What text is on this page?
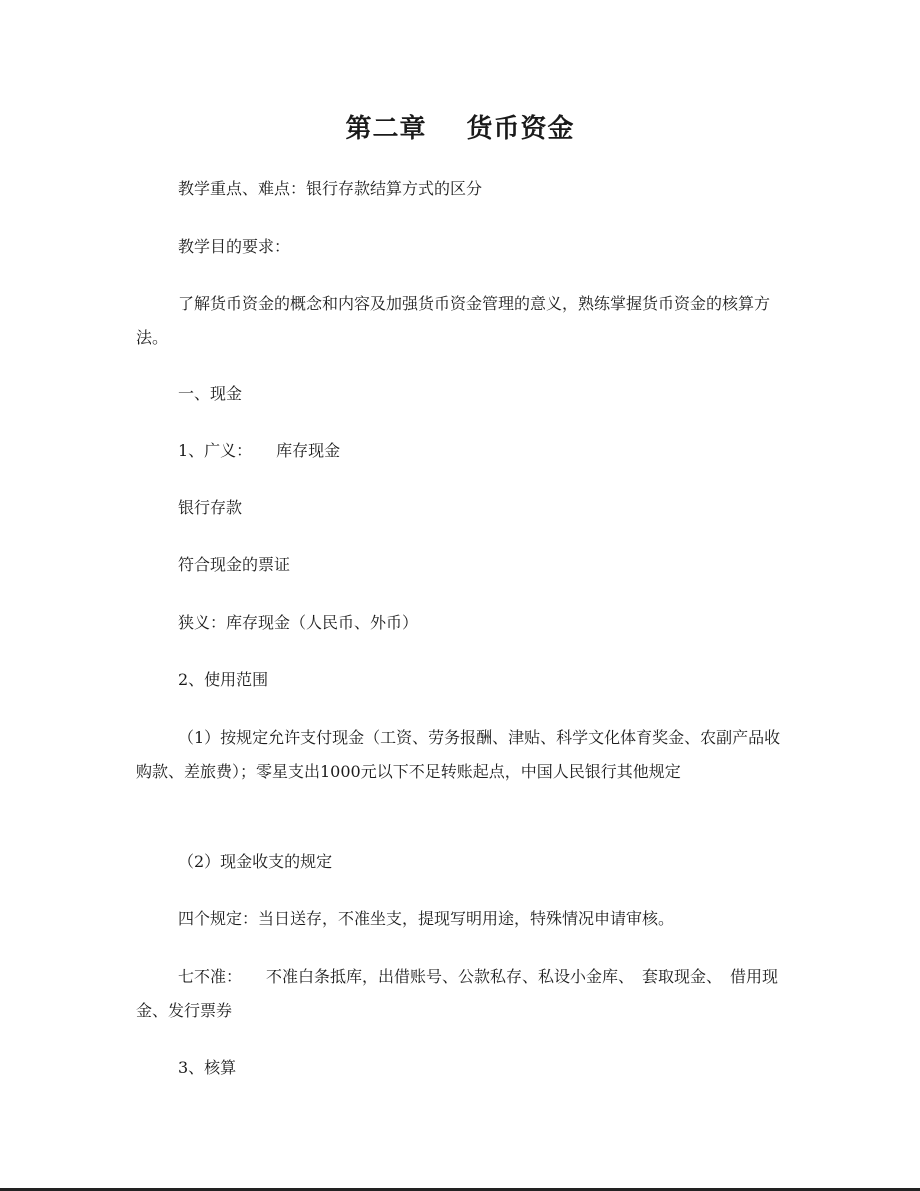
第二章 货币资金
教学重点、难点：银行存款结算方式的区分
教学目的要求：
了解货币资金的概念和内容及加强货币资金管理的意义，熟练掌握货币资金的核算方法。
一、现金
1、广义：　　库存现金
银行存款
符合现金的票证
狭义：库存现金（人民币、外币）
2、使用范围
（1）按规定允许支付现金（工资、劳务报酬、津贴、科学文化体育奖金、农副产品收购款、差旅费）；零星支出1000元以下不足转账起点，中国人民银行其他规定
（2）现金收支的规定
四个规定：当日送存，不准坐支，提现写明用途，特殊情况申请审核。
七不准：　　不准白条抵库，出借账号、公款私存、私设小金库、　套取现金、　借用现金、发行票券
3、核算
